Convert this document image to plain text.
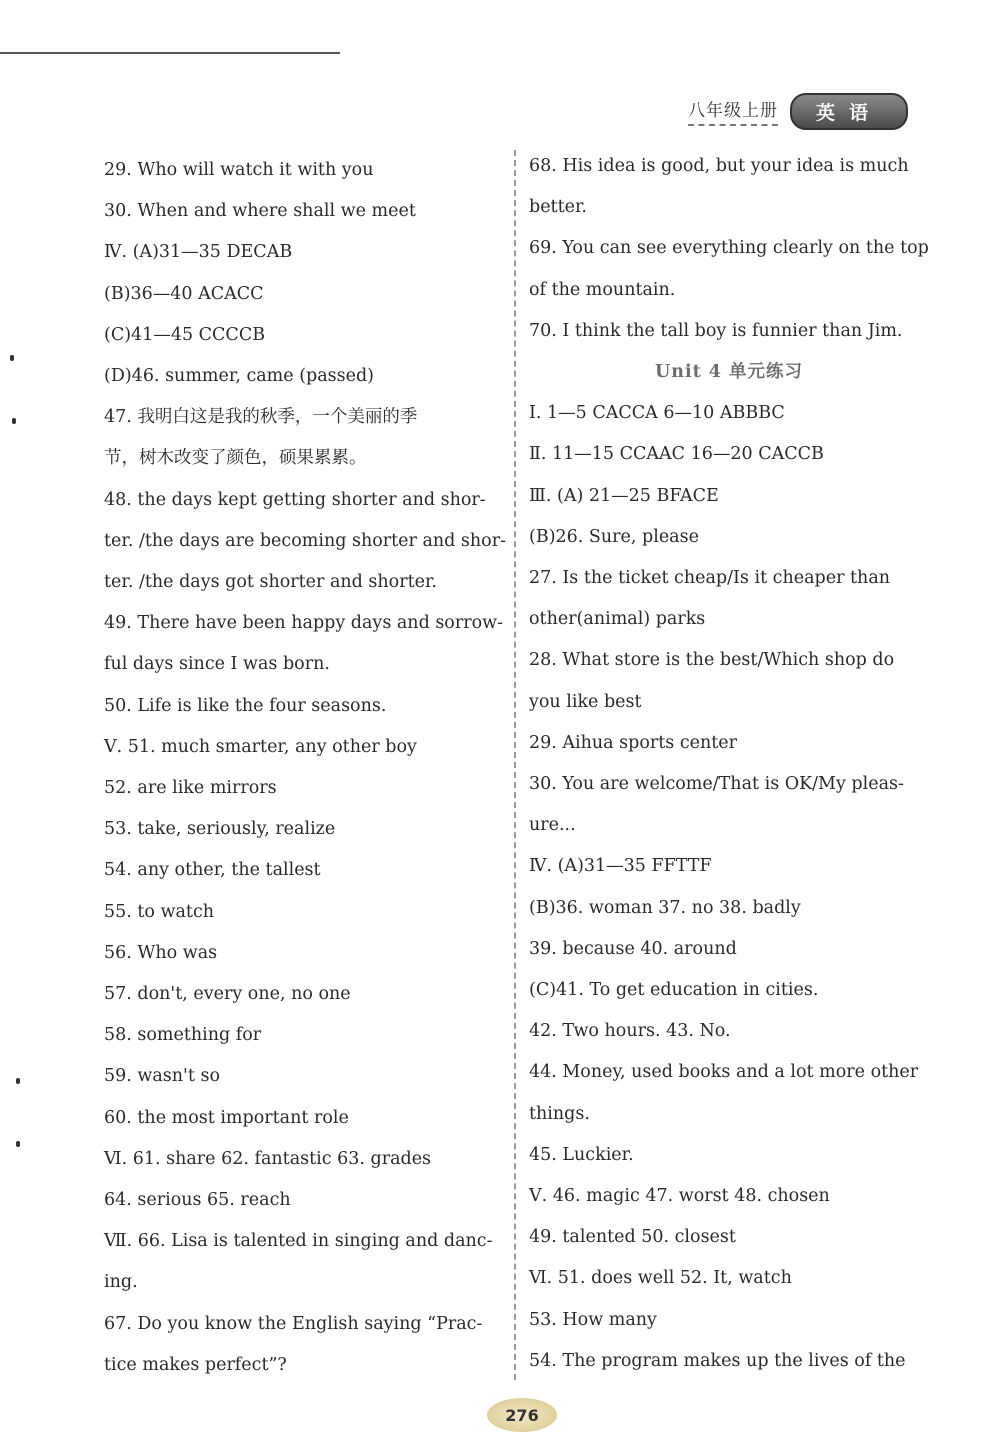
八年级上册	英语
29. Who will watch it with you
30. When and where shall we meet
Ⅳ. (A)31—35 DECAB
(B)36—40 ACACC
(C)41—45 CCCCB
(D)46. summer, came (passed)
47. 我明白这是我的秋季，一个美丽的季
节，树木改变了颜色，硕果累累。
48. the days kept getting shorter and shor-
ter. /the days are becoming shorter and shor-
ter. /the days got shorter and shorter.
49. There have been happy days and sorrow-
ful days since I was born.
50. Life is like the four seasons.
Ⅴ. 51. much smarter, any other boy
52. are like mirrors
53. take, seriously, realize
54. any other, the tallest
55. to watch
56. Who was
57. don't, every one, no one
58. something for
59. wasn't so
60. the most important role
Ⅵ. 61. share 62. fantastic 63. grades
64. serious 65. reach
Ⅶ. 66. Lisa is talented in singing and danc-
ing.
67. Do you know the English saying “Prac-
tice makes perfect”?
68. His idea is good, but your idea is much
better.
69. You can see everything clearly on the top
of the mountain.
70. I think the tall boy is funnier than Jim.
Unit 4 单元练习
Ⅰ. 1—5 CACCA 6—10 ABBBC
Ⅱ. 11—15 CCAAC 16—20 CACCB
Ⅲ. (A) 21—25 BFACE
(B)26. Sure, please
27. Is the ticket cheap/Is it cheaper than
other(animal) parks
28. What store is the best/Which shop do
you like best
29. Aihua sports center
30. You are welcome/That is OK/My pleas-
ure...
Ⅳ. (A)31—35 FFTTF
(B)36. woman 37. no 38. badly
39. because 40. around
(C)41. To get education in cities.
42. Two hours. 43. No.
44. Money, used books and a lot more other
things.
45. Luckier.
Ⅴ. 46. magic 47. worst 48. chosen
49. talented 50. closest
Ⅵ. 51. does well 52. It, watch
53. How many
54. The program makes up the lives of the
276
